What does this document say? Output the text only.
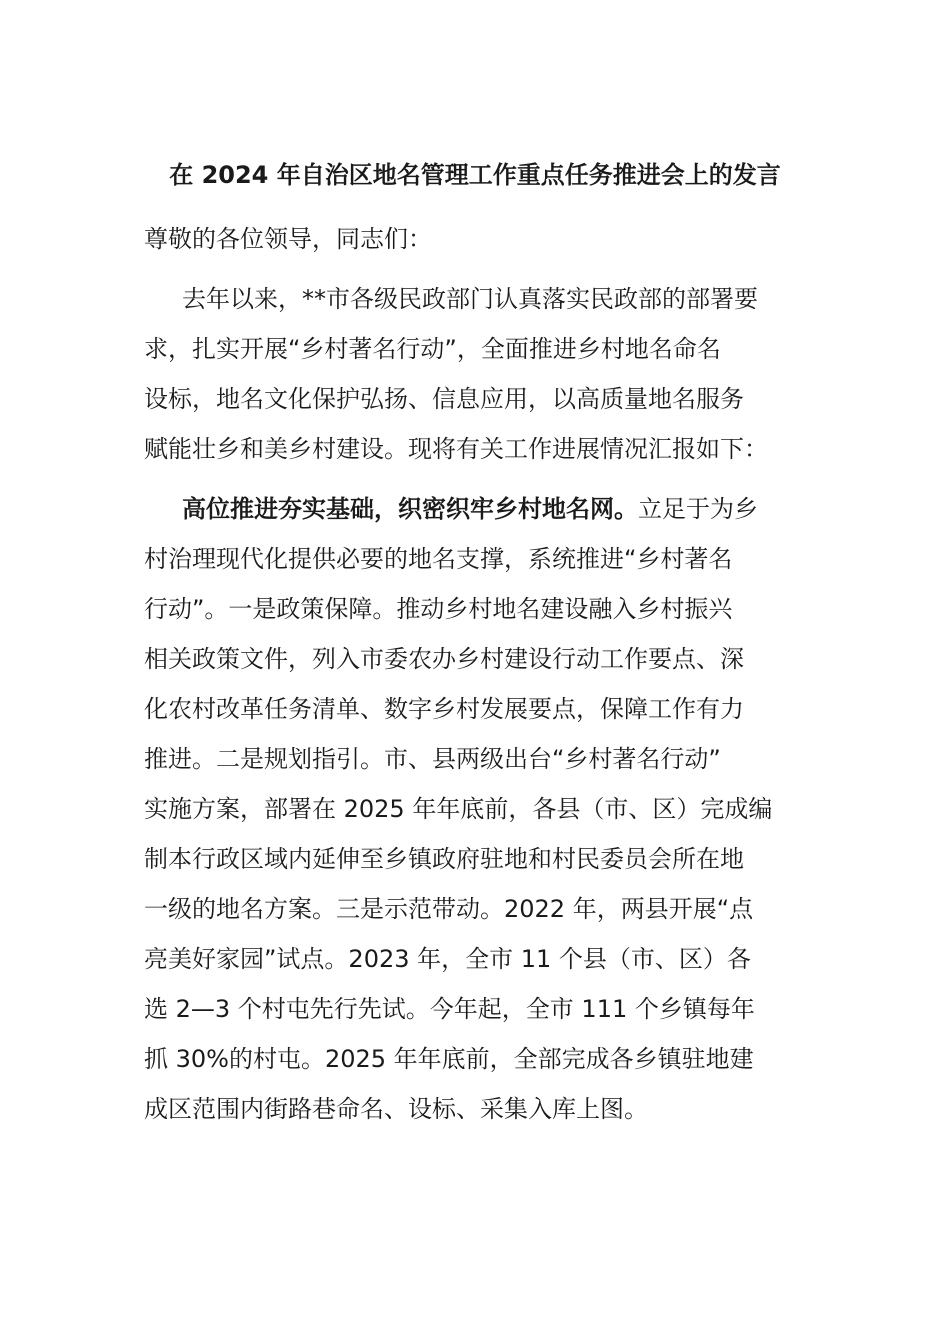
在 2024 年自治区地名管理工作重点任务推进会上的发言
尊敬的各位领导，同志们：
去年以来，**市各级民政部门认真落实民政部的部署要
求，扎实开展“乡村著名行动”，全面推进乡村地名命名
设标，地名文化保护弘扬、信息应用，以高质量地名服务
赋能壮乡和美乡村建设。现将有关工作进展情况汇报如下：
高位推进夯实基础，织密织牢乡村地名网。立足于为乡
村治理现代化提供必要的地名支撑，系统推进“乡村著名
行动”。一是政策保障。推动乡村地名建设融入乡村振兴
相关政策文件，列入市委农办乡村建设行动工作要点、深
化农村改革任务清单、数字乡村发展要点，保障工作有力
推进。二是规划指引。市、县两级出台“乡村著名行动”
实施方案，部署在 2025 年年底前，各县（市、区）完成编
制本行政区域内延伸至乡镇政府驻地和村民委员会所在地
一级的地名方案。三是示范带动。2022 年，两县开展“点
亮美好家园”试点。2023 年，全市 11 个县（市、区）各
选 2—3 个村屯先行先试。今年起，全市 111 个乡镇每年
抓 30%的村屯。2025 年年底前，全部完成各乡镇驻地建
成区范围内街路巷命名、设标、采集入库上图。
